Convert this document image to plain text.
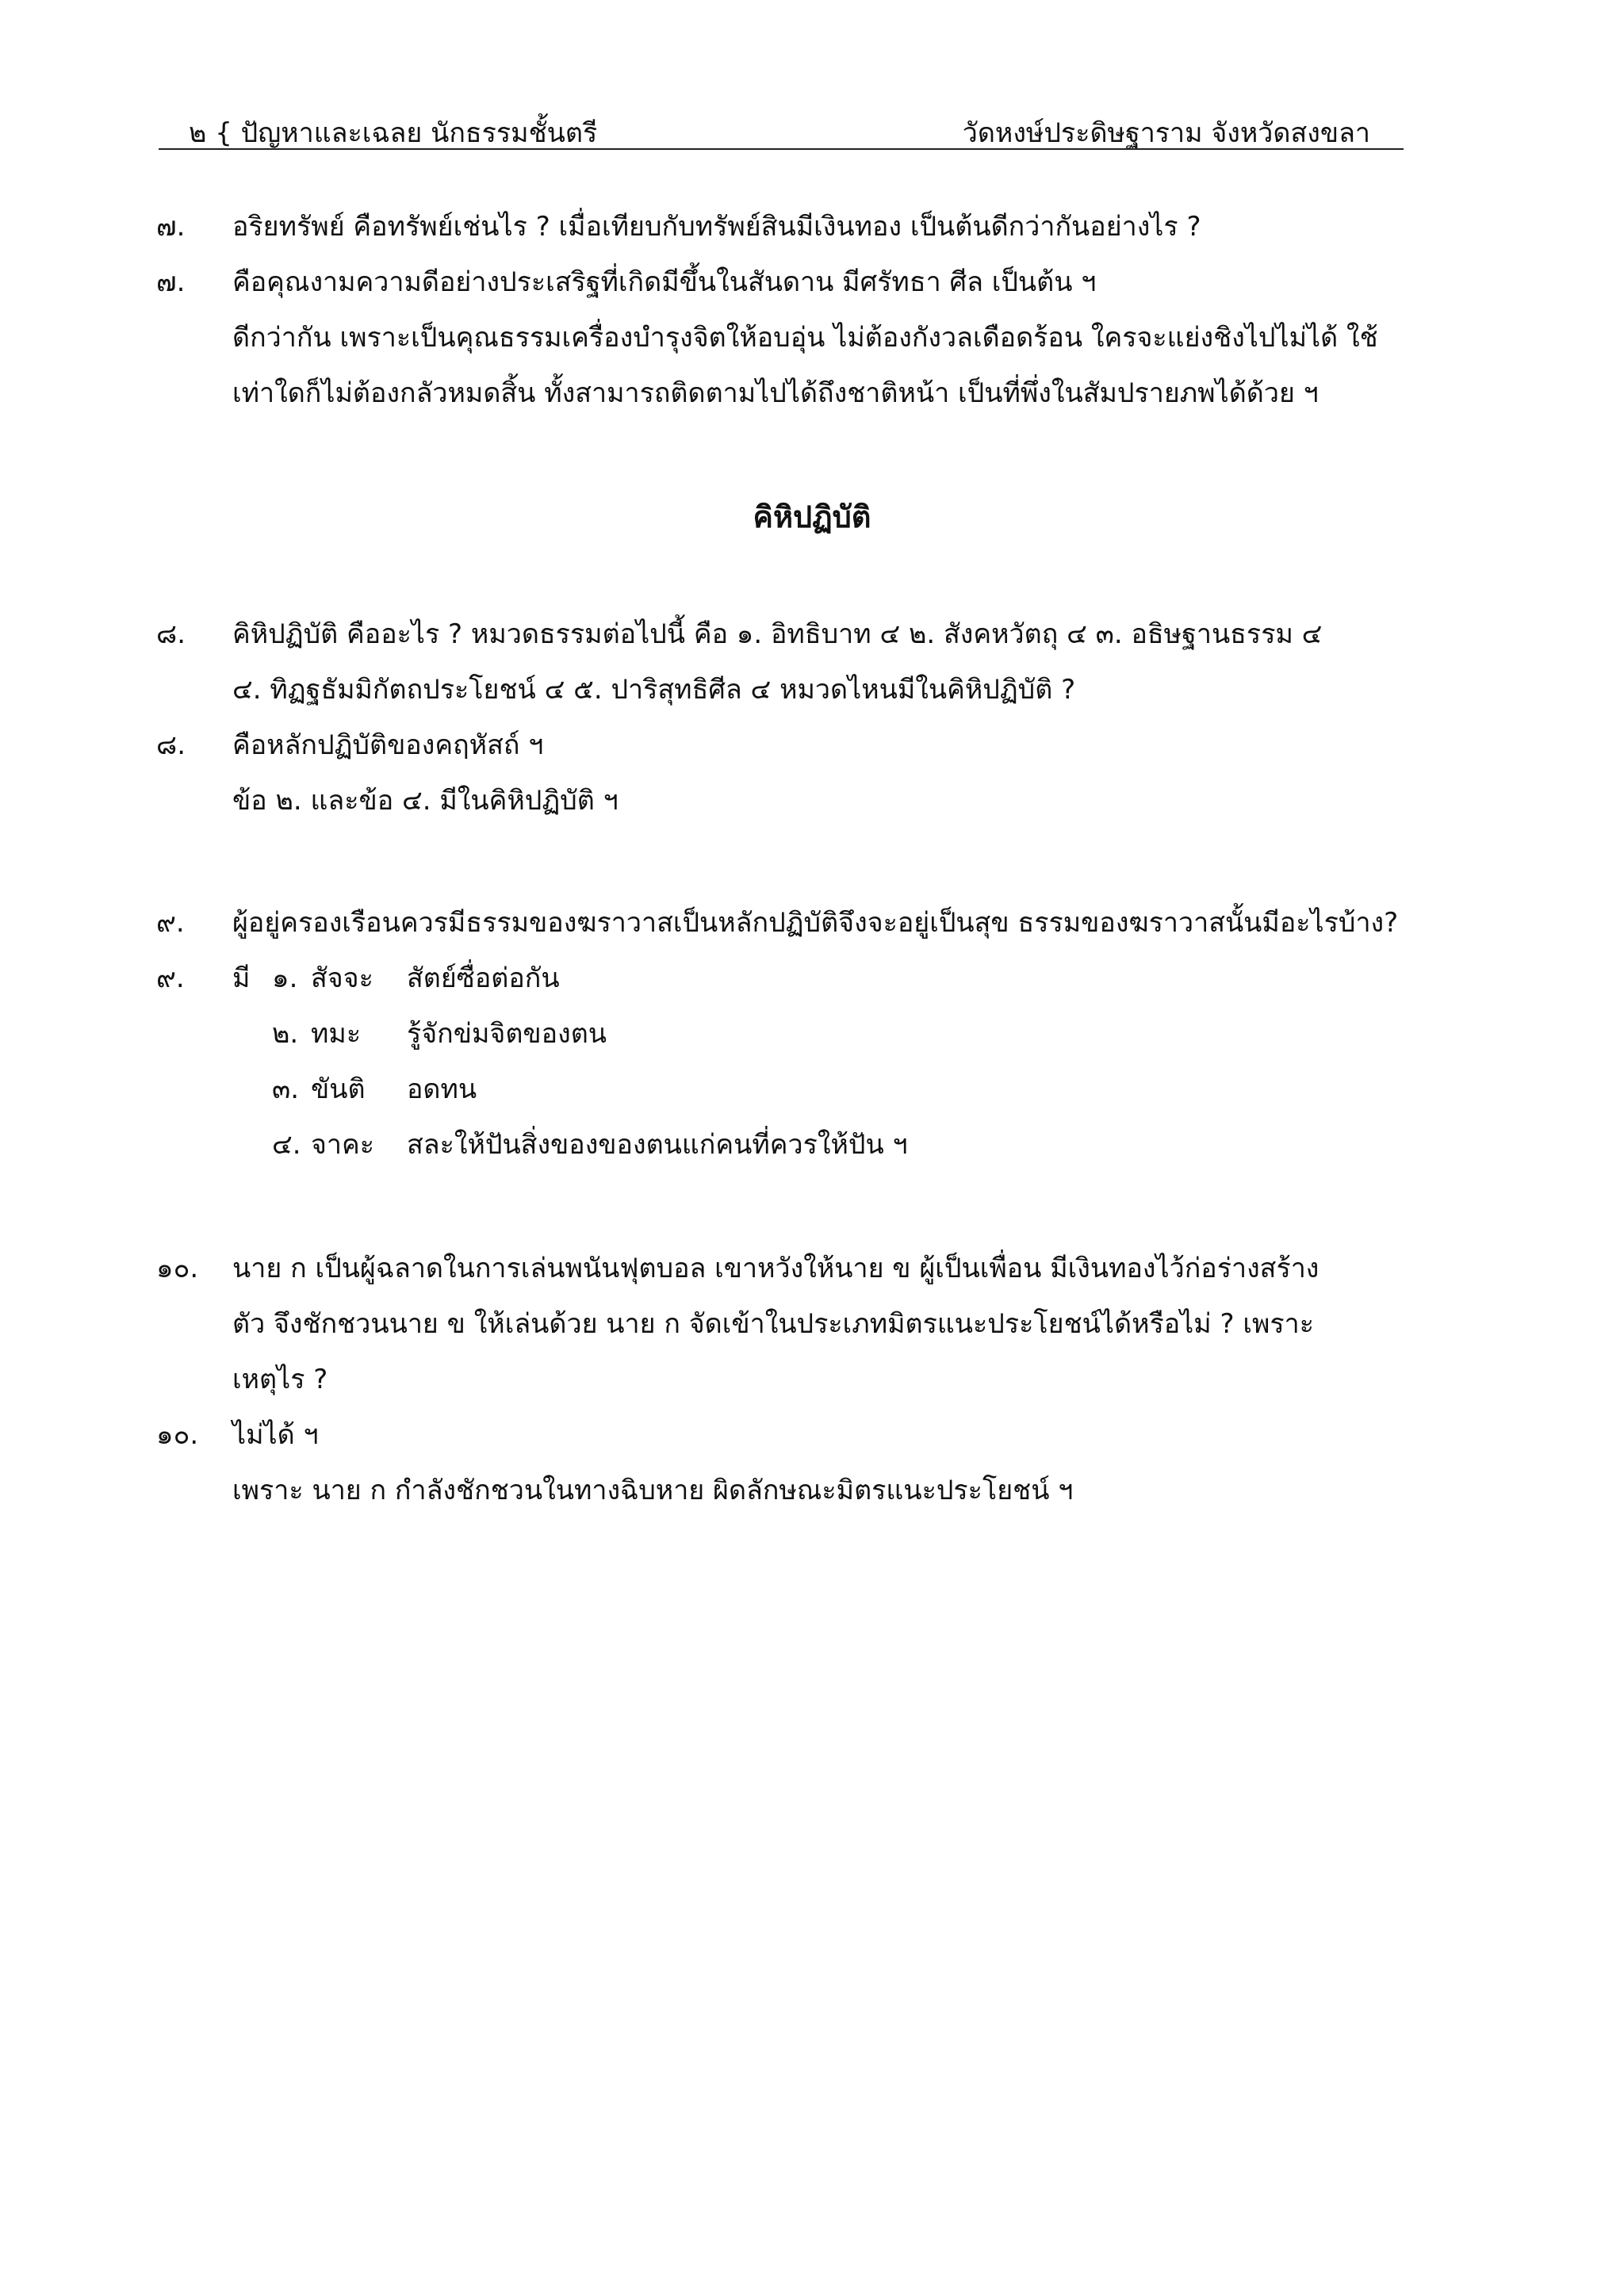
๒ { ปัญหาและเฉลย นักธรรมชั้นตรี	วัดหงษ์ประดิษฐาราม จังหวัดสงขลา
๗. อริยทรัพย์ คือทรัพย์เช่นไร ? เมื่อเทียบกับทรัพย์สินมีเงินทอง เป็นต้นดีกว่ากันอย่างไร ?
๗. คือคุณงามความดีอย่างประเสริฐที่เกิดมีขึ้นในสันดาน มีศรัทธา ศีล เป็นต้น ฯ
ดีกว่ากัน เพราะเป็นคุณธรรมเครื่องบำรุงจิตให้อบอุ่น ไม่ต้องกังวลเดือดร้อน ใครจะแย่งชิงไปไม่ได้ ใช้
เท่าใดก็ไม่ต้องกลัวหมดสิ้น ทั้งสามารถติดตามไปได้ถึงชาติหน้า เป็นที่พึ่งในสัมปรายภพได้ด้วย ฯ
คิหิปฏิบัติ
๘. คิหิปฏิบัติ คืออะไร ? หมวดธรรมต่อไปนี้ คือ ๑. อิทธิบาท ๔ ๒. สังคหวัตถุ ๔ ๓. อธิษฐานธรรม ๔
๔. ทิฏฐธัมมิกัตถประโยชน์ ๔ ๕. ปาริสุทธิศีล ๔ หมวดไหนมีในคิหิปฏิบัติ ?
๘. คือหลักปฏิบัติของคฤหัสถ์ ฯ
ข้อ ๒. และข้อ ๔. มีในคิหิปฏิบัติ ฯ
๙. ผู้อยู่ครองเรือนควรมีธรรมของฆราวาสเป็นหลักปฏิบัติจึงจะอยู่เป็นสุข ธรรมของฆราวาสนั้นมีอะไรบ้าง?
๙. มี ๑. สัจจะ สัตย์ซื่อต่อกัน
๒. ทมะ รู้จักข่มจิตของตน
๓. ขันติ อดทน
๔. จาคะ สละให้ปันสิ่งของของตนแก่คนที่ควรให้ปัน ฯ
๑๐. นาย ก เป็นผู้ฉลาดในการเล่นพนันฟุตบอล เขาหวังให้นาย ข ผู้เป็นเพื่อน มีเงินทองไว้ก่อร่างสร้าง
ตัว จึงชักชวนนาย ข ให้เล่นด้วย นาย ก จัดเข้าในประเภทมิตรแนะประโยชน์ได้หรือไม่ ? เพราะ
เหตุไร ?
๑๐. ไม่ได้ ฯ
เพราะ นาย ก กำลังชักชวนในทางฉิบหาย ผิดลักษณะมิตรแนะประโยชน์ ฯ
